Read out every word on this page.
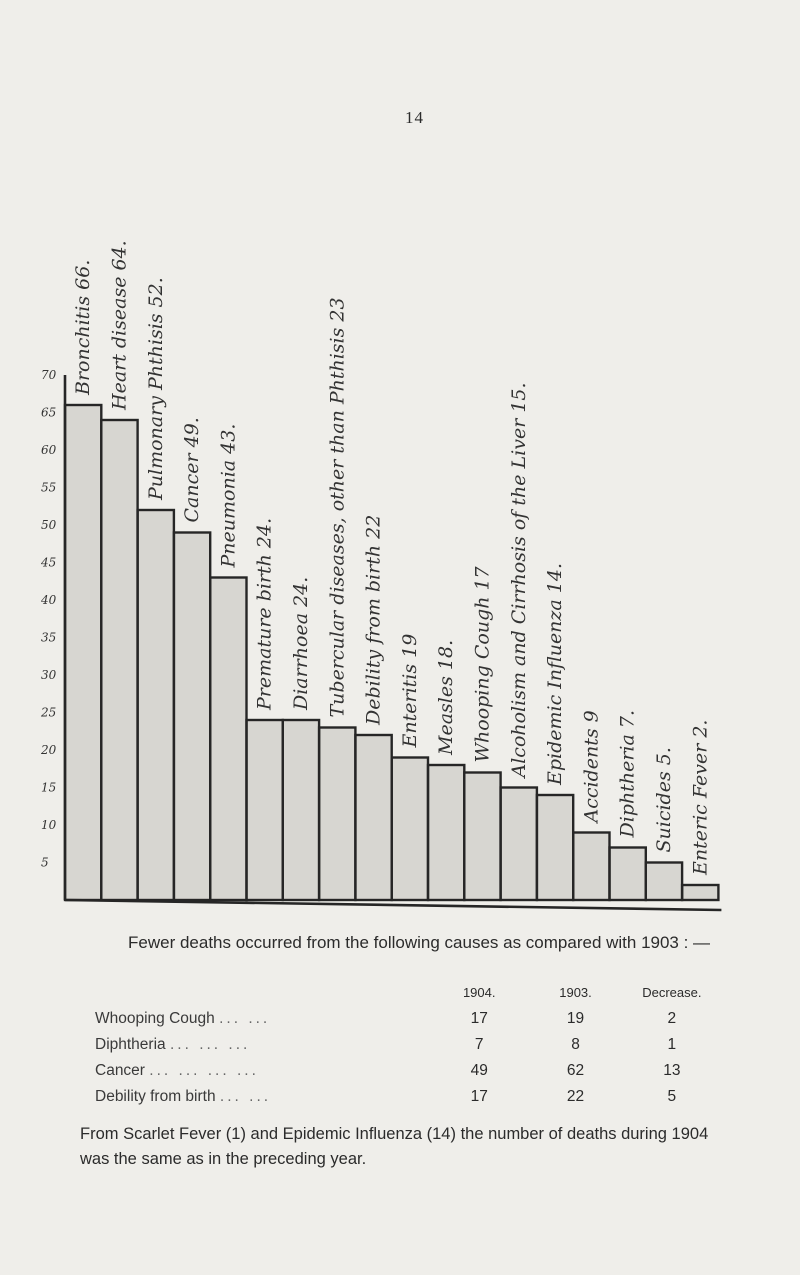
14
5
10
15
20
25
30
35
40
45
50
55
60
65
70 Bronchitis 66. Heart disease 64. Pulmonary Phthisis 52. Cancer 49. Pneumonia 43.
Premature birth 24. Diarrhoea 24. Tubercular diseases, other than Phthisis 23 Debility from birth 22 Enteritis 19 Measles 18. Whooping Cough 17 Alcoholism and Cirrhosis of the Liver 15. Epidemic Influenza 14. Accidents 9 Diphtheria 7. Suicides 5. Enteric Fever 2.
Fewer deaths occurred from the following causes as compared with 1903 : —
	1904.	1903.	Decrease.
Whooping Cough ... ...	17	19	2
Diphtheria ... ... ...	7	8	1
Cancer ... ... ... ...	49	62	13
Debility from birth ... ...	17	22	5
From Scarlet Fever (1) and Epidemic Influenza (14) the number of deaths during 1904 was the same as in the preceding year.
